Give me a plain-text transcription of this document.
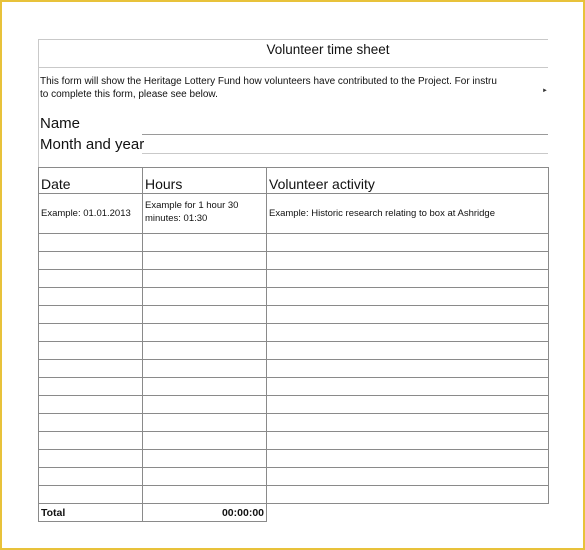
Volunteer time sheet
This form will show the Heritage Lottery Fund how volunteers have contributed to the Project. For instru
to complete this form, please see below.	►
Name
Month and year
Date	Hours	Volunteer activity
Example: 01.01.2013	Example for 1 hour 30 minutes: 01:30	Example: Historic research relating to box at Ashridge

Total	00:00:00	
